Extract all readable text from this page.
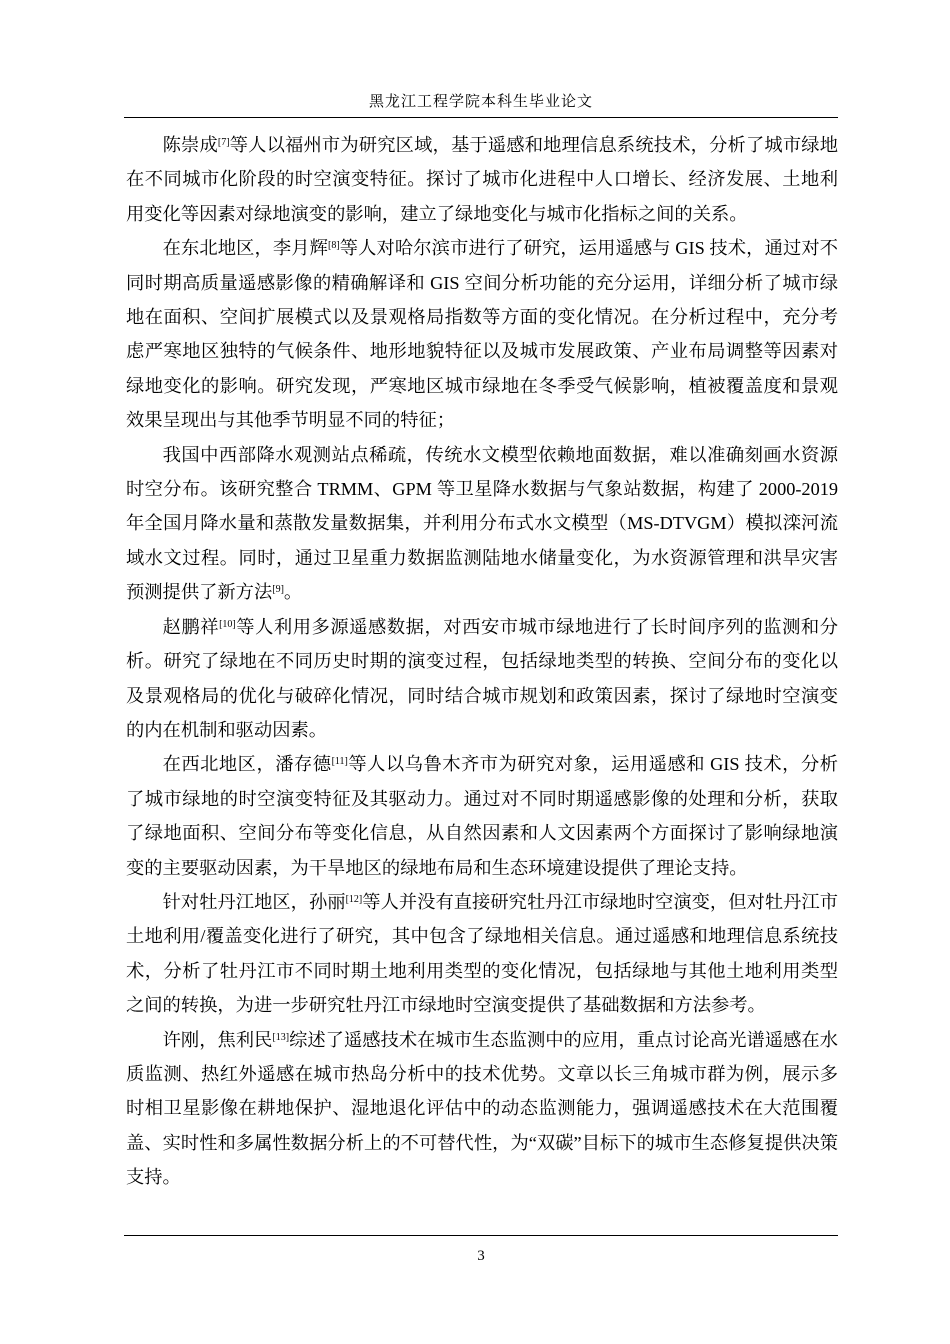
黑龙江工程学院本科生毕业论文

陈崇成[7]等人以福州市为研究区域，基于遥感和地理信息系统技术，分析了城市绿地在不同城市化阶段的时空演变特征。探讨了城市化进程中人口增长、经济发展、土地利用变化等因素对绿地演变的影响，建立了绿地变化与城市化指标之间的关系。

在东北地区，李月辉[8]等人对哈尔滨市进行了研究，运用遥感与 GIS 技术，通过对不同时期高质量遥感影像的精确解译和 GIS 空间分析功能的充分运用，详细分析了城市绿地在面积、空间扩展模式以及景观格局指数等方面的变化情况。在分析过程中，充分考虑严寒地区独特的气候条件、地形地貌特征以及城市发展政策、产业布局调整等因素对绿地变化的影响。研究发现，严寒地区城市绿地在冬季受气候影响，植被覆盖度和景观效果呈现出与其他季节明显不同的特征；

我国中西部降水观测站点稀疏，传统水文模型依赖地面数据，难以准确刻画水资源时空分布。该研究整合 TRMM、GPM 等卫星降水数据与气象站数据，构建了 2000-2019 年全国月降水量和蒸散发量数据集，并利用分布式水文模型（MS-DTVGM）模拟滦河流域水文过程。同时，通过卫星重力数据监测陆地水储量变化，为水资源管理和洪旱灾害预测提供了新方法[9]。

赵鹏祥[10]等人利用多源遥感数据，对西安市城市绿地进行了长时间序列的监测和分析。研究了绿地在不同历史时期的演变过程，包括绿地类型的转换、空间分布的变化以及景观格局的优化与破碎化情况，同时结合城市规划和政策因素，探讨了绿地时空演变的内在机制和驱动因素。

在西北地区，潘存德[11]等人以乌鲁木齐市为研究对象，运用遥感和 GIS 技术，分析了城市绿地的时空演变特征及其驱动力。通过对不同时期遥感影像的处理和分析，获取了绿地面积、空间分布等变化信息，从自然因素和人文因素两个方面探讨了影响绿地演变的主要驱动因素，为干旱地区的绿地布局和生态环境建设提供了理论支持。

针对牡丹江地区，孙丽[12]等人并没有直接研究牡丹江市绿地时空演变，但对牡丹江市土地利用/覆盖变化进行了研究，其中包含了绿地相关信息。通过遥感和地理信息系统技术，分析了牡丹江市不同时期土地利用类型的变化情况，包括绿地与其他土地利用类型之间的转换，为进一步研究牡丹江市绿地时空演变提供了基础数据和方法参考。

许刚，焦利民[13]综述了遥感技术在城市生态监测中的应用，重点讨论高光谱遥感在水质监测、热红外遥感在城市热岛分析中的技术优势。文章以长三角城市群为例，展示多时相卫星影像在耕地保护、湿地退化评估中的动态监测能力，强调遥感技术在大范围覆盖、实时性和多属性数据分析上的不可替代性，为“双碳”目标下的城市生态修复提供决策支持。

3
